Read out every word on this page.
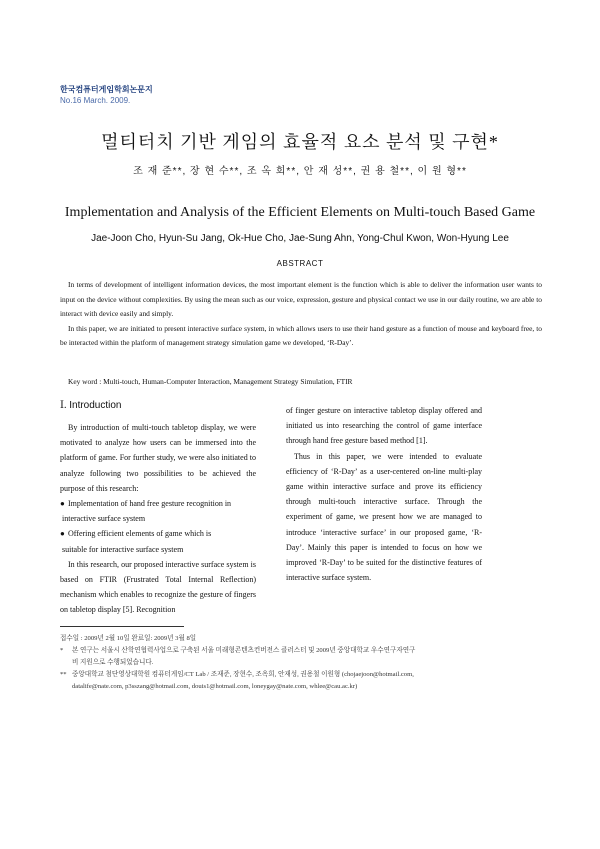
한국컴퓨터게임학회논문지
No.16 March. 2009.
멀티터치 기반 게임의 효율적 요소 분석 및 구현*
조 재 준**, 장 현 수**, 조 옥 희**, 안 재 성**, 권 용 철**, 이 원 형**
Implementation and Analysis of the Efficient Elements on Multi-touch Based Game
Jae-Joon Cho, Hyun-Su Jang, Ok-Hue Cho, Jae-Sung Ahn, Yong-Chul Kwon, Won-Hyung Lee
ABSTRACT

In terms of development of intelligent information devices, the most important element is the function which is able to deliver the information user wants to input on the device without complexities. By using the mean such as our voice, expression, gesture and physical contact we use in our daily routine, we are able to interact with device easily and simply.

In this paper, we are initiated to present interactive surface system, in which allows users to use their hand gesture as a function of mouse and keyboard free, to be interacted within the platform of management strategy simulation game we developed, ‘R-Day’.

Key word : Multi-touch, Human-Computer Interaction, Management Strategy Simulation, FTIR
Ⅰ. Introduction

By introduction of multi-touch tabletop display, we were motivated to analyze how users can be immersed into the platform of game. For further study, we were also initiated to analyze following two possibilities to be achieved the purpose of this research:

● Implementation of hand free gesture recognition in

interactive surface system

● Offering efficient elements of game which is

suitable for interactive surface system

In this research, our proposed interactive surface system is based on FTIR (Frustrated Total Internal Reflection) mechanism which enables to recognize the gesture of fingers on tabletop display [5]. Recognition

of finger gesture on interactive tabletop display offered and initiated us into researching the control of game interface through hand free gesture based method [1].

Thus in this paper, we were intended to evaluate efficiency of ‘R-Day’ as a user-centered on-line multi-play game within interactive surface and prove its efficiency through multi-touch interactive surface. Through the experiment of game, we present how we are managed to introduce ‘interactive surface’ in our proposed game, ‘R-Day’. Mainly this paper is intended to focus on how we improved ‘R-Day’ to be suited for the distinctive features of interactive surface system.

접수일 : 2009년 2월 10일 완료일: 2009년 3월 8일
*	본 연구는 서울시 산학연협력사업으로 구축된 서울 미래형콘텐츠컨버전스 클러스터 및 2009년 중앙대학교 우수연구자연구
비 지원으로 수행되었습니다.
** 중앙대학교 첨단영상대학원 컴퓨터게임/CT Lab / 조재준, 장현수, 조옥희, 안재성, 권용철 이원형 (chojaejoon@hotmail.com,
datalife@nate.com, p3sszang@hotmail.com, douis1@hotmail.com, loneygay@nate.com, whlee@cau.ac.kr)
